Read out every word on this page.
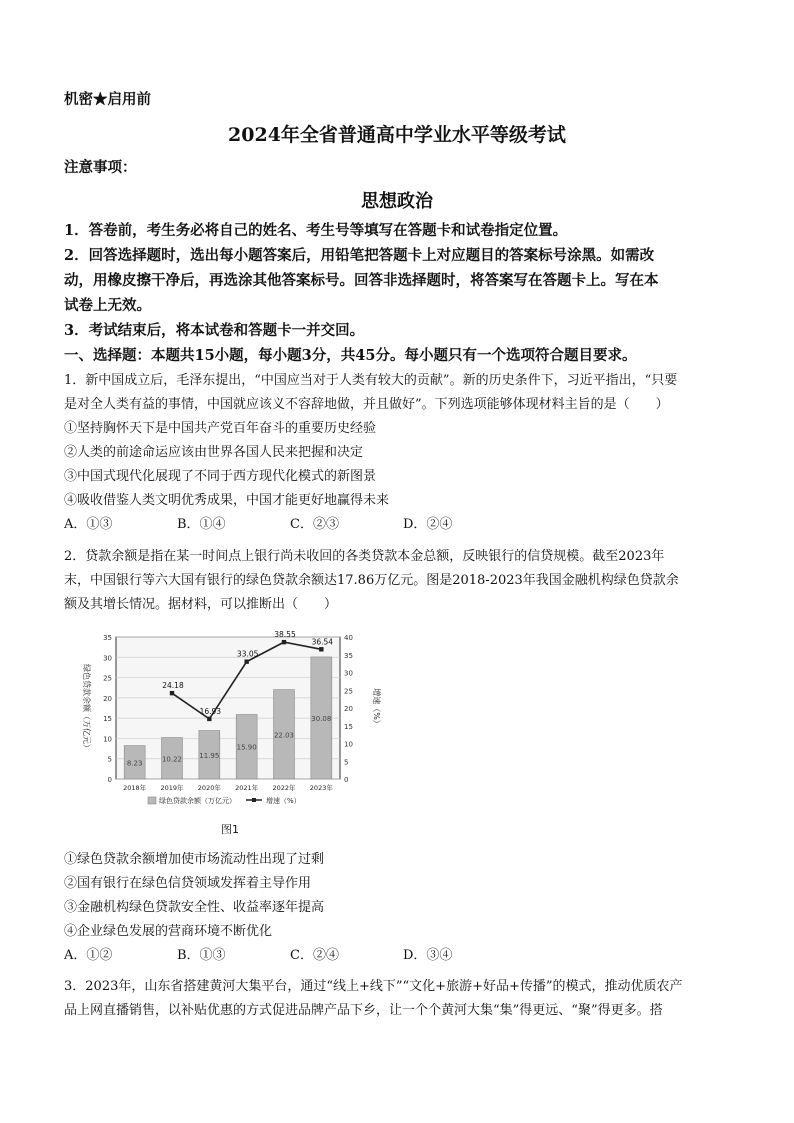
机密★启用前
2024年全省普通高中学业水平等级考试
注意事项：
思想政治
1．答卷前，考生务必将自己的姓名、考生号等填写在答题卡和试卷指定位置。
2．回答选择题时，选出每小题答案后，用铅笔把答题卡上对应题目的答案标号涂黑。如需改
动，用橡皮擦干净后，再选涂其他答案标号。回答非选择题时，将答案写在答题卡上。写在本
试卷上无效。
3．考试结束后，将本试卷和答题卡一并交回。
一、选择题：本题共15小题，每小题3分，共45分。每小题只有一个选项符合题目要求。
1．新中国成立后，毛泽东提出，“中国应当对于人类有较大的贡献”。新的历史条件下，习近平指出，“只要
是对全人类有益的事情，中国就应该义不容辞地做，并且做好”。下列选项能够体现材料主旨的是（　　）
①坚持胸怀天下是中国共产党百年奋斗的重要历史经验
②人类的前途命运应该由世界各国人民来把握和决定
③中国式现代化展现了不同于西方现代化模式的新图景
④吸收借鉴人类文明优秀成果，中国才能更好地赢得未来
A．①③	B．①④	C．②③	D．②④
2．贷款余额是指在某一时间点上银行尚未收回的各类贷款本金总额，反映银行的信贷规模。截至2023年
末，中国银行等六大国有银行的绿色贷款余额达17.86万亿元。图是2018-2023年我国金融机构绿色贷款余
额及其增长情况。据材料，可以推断出（　　）
0
5
10
15
20
25
30
35
0
5
10
15
20
25
30
35
40
8.23
2018年
10.22
2019年
11.95
2020年
15.90
2021年
22.03
2022年
30.08
2023年
24.18
16.93
33.05
38.55
36.54
绿色贷款余额（万亿元）	增速（%）
绿色贷款余额（万亿元）	增速（%）
图1
①绿色贷款余额增加使市场流动性出现了过剩
②国有银行在绿色信贷领域发挥着主导作用
③金融机构绿色贷款安全性、收益率逐年提高
④企业绿色发展的营商环境不断优化
A．①②	B．①③	C．②④	D．③④
3．2023年，山东省搭建黄河大集平台，通过“线上+线下”“文化+旅游+好品+传播”的模式，推动优质农产
品上网直播销售，以补贴优惠的方式促进品牌产品下乡，让一个个黄河大集“集”得更远、“聚”得更多。搭
